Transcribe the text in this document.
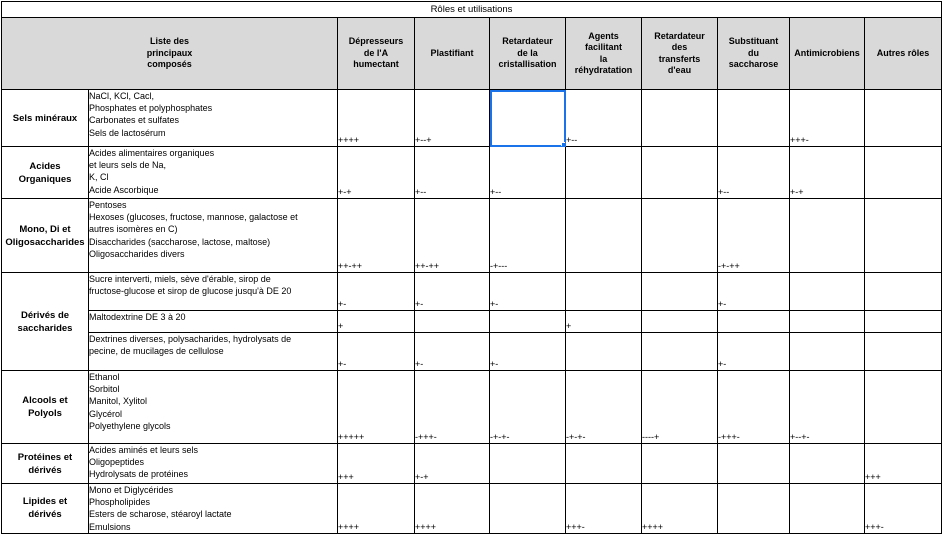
Rôles et utilisations									

Liste des
principaux
composés		Dépresseurs
de l'A
humectant	Plastifiant	Retardateur
de la
cristallisation	Agents
facilitant
la
réhydratation	Retardateur
des
transferts
d'eau	Substituant
du
saccharose	Antimicrobiens	Autres rôles

Sels minéraux	NaCl, KCl, Cacl,
Phosphates et polyphosphates
Carbonates et sulfates
Sels de lactosérum	++++	+--+		+--			+++-	

Acides
Organiques	Acides alimentaires organiques
et leurs sels de Na,
K, Cl
Acide Ascorbique	+-+	+--	+--			+--	+-+	

Mono, Di et
Oligosaccharides	Pentoses
Hexoses (glucoses, fructose, mannose, galactose et
autres isomères en C)
Disaccharides (saccharose, lactose, maltose)
Oligosaccharides divers	++-++	++-++	-+---			-+-++		

Dérivés de
saccharides	Sucre interverti, miels, sève d'érable, sirop de
fructose-glucose et sirop de glucose jusqu'à DE 20	+-	+-	+-			+-		

	Maltodextrine DE 3 à 20	+			+				

	Dextrines diverses, polysacharides, hydrolysats de
pecine, de mucilages de cellulose	+-	+-	+-			+-		

Alcools et
Polyols	Ethanol
Sorbitol
Manitol, Xylitol
Glycérol
Polyethylene glycols	+++++	-+++-	-+-+-	-+-+-	----+	-+++-	+--+-	

Protéines et
dérivés	Acides aminés et leurs sels
Oligopeptides
Hydrolysats de protéines	+++	+-+						+++

Lipides et
dérivés	Mono et Diglycérides
Phospholipides
Esters de scharose, stéaroyl lactate
Emulsions	++++	++++		+++-	++++			+++-
